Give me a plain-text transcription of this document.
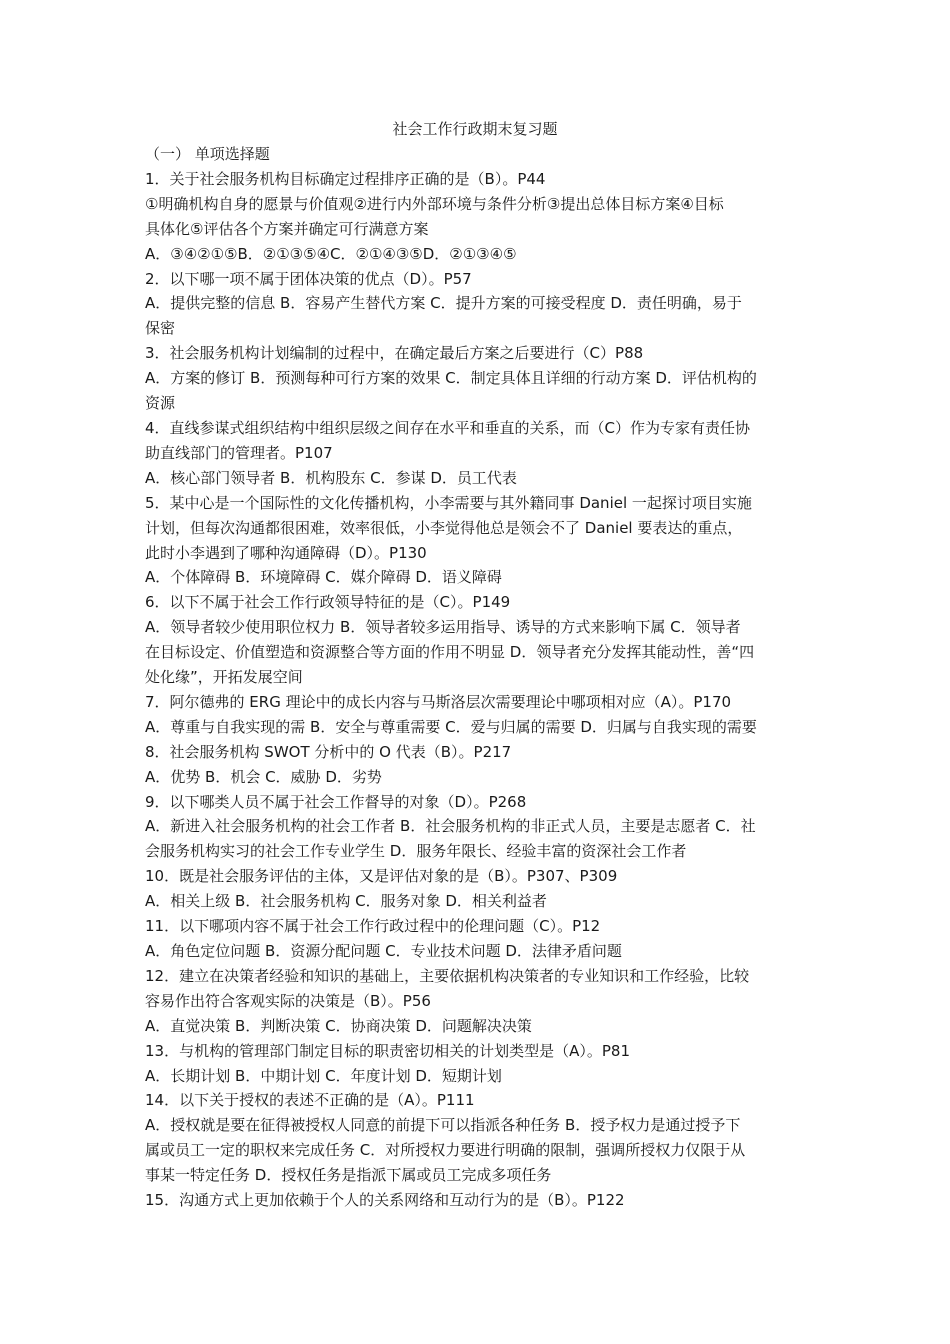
社会工作行政期末复习题
（一） 单项选择题
1．关于社会服务机构目标确定过程排序正确的是（B）。P44
①明确机构自身的愿景与价值观②进行内外部环境与条件分析③提出总体目标方案④目标
具体化⑤评估各个方案并确定可行满意方案
A．③④②①⑤B．②①③⑤④C．②①④③⑤D．②①③④⑤
2．以下哪一项不属于团体决策的优点（D）。P57
A．提供完整的信息 B．容易产生替代方案 C．提升方案的可接受程度 D．责任明确，易于
保密
3．社会服务机构计划编制的过程中，在确定最后方案之后要进行（C）P88
A．方案的修订 B．预测每种可行方案的效果 C．制定具体且详细的行动方案 D．评估机构的
资源
4．直线参谋式组织结构中组织层级之间存在水平和垂直的关系，而（C）作为专家有责任协
助直线部门的管理者。P107
A．核心部门领导者 B．机构股东 C．参谋 D．员工代表
5．某中心是一个国际性的文化传播机构，小李需要与其外籍同事 Daniel 一起探讨项目实施
计划，但每次沟通都很困难，效率很低，小李觉得他总是领会不了 Daniel 要表达的重点，
此时小李遇到了哪种沟通障碍（D）。P130
A．个体障碍 B．环境障碍 C．媒介障碍 D．语义障碍
6．以下不属于社会工作行政领导特征的是（C）。P149
A．领导者较少使用职位权力 B．领导者较多运用指导、诱导的方式来影响下属 C．领导者
在目标设定、价值塑造和资源整合等方面的作用不明显 D．领导者充分发挥其能动性，善“四
处化缘”，开拓发展空间
7．阿尔德弗的 ERG 理论中的成长内容与马斯洛层次需要理论中哪项相对应（A）。P170
A．尊重与自我实现的需 B．安全与尊重需要 C．爱与归属的需要 D．归属与自我实现的需要
8．社会服务机构 SWOT 分析中的 O 代表（B）。P217
A．优势 B．机会 C．威胁 D．劣势
9．以下哪类人员不属于社会工作督导的对象（D）。P268
A．新进入社会服务机构的社会工作者 B．社会服务机构的非正式人员，主要是志愿者 C．社
会服务机构实习的社会工作专业学生 D．服务年限长、经验丰富的资深社会工作者
10．既是社会服务评估的主体，又是评估对象的是（B）。P307、P309
A．相关上级 B．社会服务机构 C．服务对象 D．相关利益者
11．以下哪项内容不属于社会工作行政过程中的伦理问题（C）。P12
A．角色定位问题 B．资源分配问题 C．专业技术问题 D．法律矛盾问题
12．建立在决策者经验和知识的基础上，主要依据机构决策者的专业知识和工作经验，比较
容易作出符合客观实际的决策是（B）。P56
A．直觉决策 B．判断决策 C．协商决策 D．问题解决决策
13．与机构的管理部门制定目标的职责密切相关的计划类型是（A）。P81
A．长期计划 B．中期计划 C．年度计划 D．短期计划
14．以下关于授权的表述不正确的是（A）。P111
A．授权就是要在征得被授权人同意的前提下可以指派各种任务 B．授予权力是通过授予下
属或员工一定的职权来完成任务 C．对所授权力要进行明确的限制，强调所授权力仅限于从
事某一特定任务 D．授权任务是指派下属或员工完成多项任务
15．沟通方式上更加依赖于个人的关系网络和互动行为的是（B）。P122
